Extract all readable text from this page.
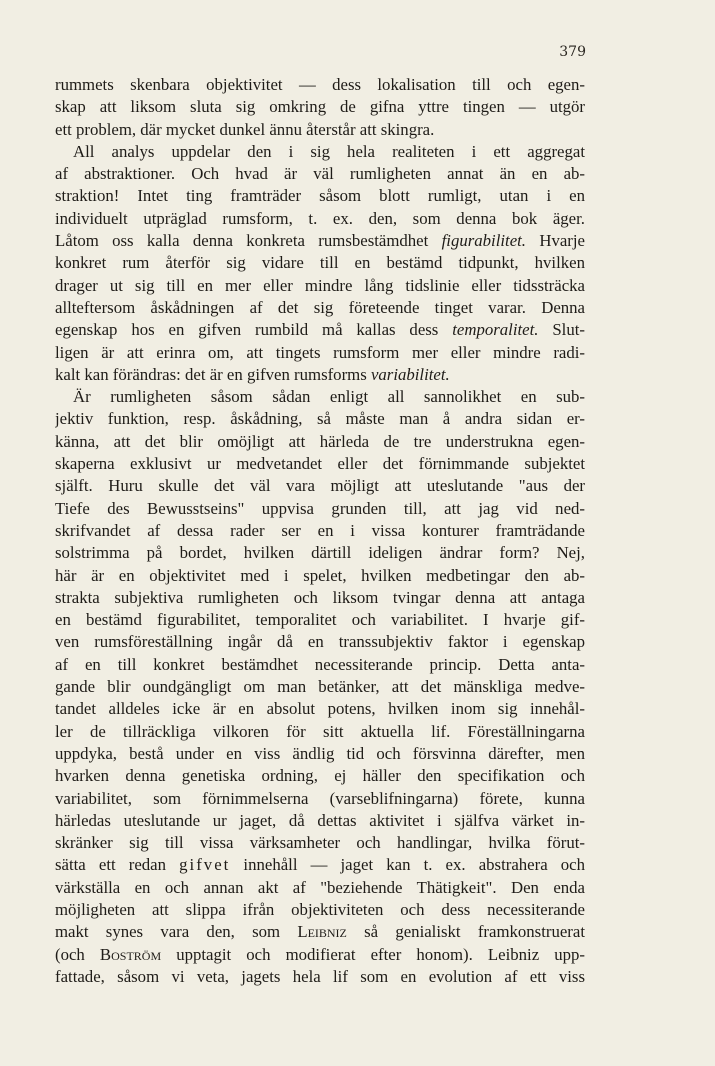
379
rummets skenbara objektivitet — dess lokalisation till och egen-
skap att liksom sluta sig omkring de gifna yttre tingen — utgör
ett problem, där mycket dunkel ännu återstår att skingra.
All analys uppdelar den i sig hela realiteten i ett aggregat
af abstraktioner. Och hvad är väl rumligheten annat än en ab-
straktion! Intet ting framträder såsom blott rumligt, utan i en
individuelt utpräglad rumsform, t. ex. den, som denna bok äger.
Låtom oss kalla denna konkreta rumsbestämdhet figurabilitet. Hvarje
konkret rum återför sig vidare till en bestämd tidpunkt, hvilken
drager ut sig till en mer eller mindre lång tidslinie eller tidssträcka
allteftersom åskådningen af det sig företeende tinget varar. Denna
egenskap hos en gifven rumbild må kallas dess temporalitet. Slut-
ligen är att erinra om, att tingets rumsform mer eller mindre radi-
kalt kan förändras: det är en gifven rumsforms variabilitet.
Är rumligheten såsom sådan enligt all sannolikhet en sub-
jektiv funktion, resp. åskådning, så måste man å andra sidan er-
känna, att det blir omöjligt att härleda de tre understrukna egen-
skaperna exklusivt ur medvetandet eller det förnimmande subjektet
själft. Huru skulle det väl vara möjligt att uteslutande "aus der
Tiefe des Bewusstseins" uppvisa grunden till, att jag vid ned-
skrifvandet af dessa rader ser en i vissa konturer framträdande
solstrimma på bordet, hvilken därtill ideligen ändrar form? Nej,
här är en objektivitet med i spelet, hvilken medbetingar den ab-
strakta subjektiva rumligheten och liksom tvingar denna att antaga
en bestämd figurabilitet, temporalitet och variabilitet. I hvarje gif-
ven rumsföreställning ingår då en transsubjektiv faktor i egenskap
af en till konkret bestämdhet necessiterande princip. Detta anta-
gande blir oundgängligt om man betänker, att det mänskliga medve-
tandet alldeles icke är en absolut potens, hvilken inom sig innehål-
ler de tillräckliga vilkoren för sitt aktuella lif. Föreställningarna
uppdyka, bestå under en viss ändlig tid och försvinna därefter, men
hvarken denna genetiska ordning, ej häller den specifikation och
variabilitet, som förnimmelserna (varseblifningarna) förete, kunna
härledas uteslutande ur jaget, då dettas aktivitet i själfva värket in-
skränker sig till vissa värksamheter och handlingar, hvilka förut-
sätta ett redan gifvet innehåll — jaget kan t. ex. abstrahera och
värkställa en och annan akt af "beziehende Thätigkeit". Den enda
möjligheten att slippa ifrån objektiviteten och dess necessiterande
makt synes vara den, som Leibniz så genialiskt framkonstruerat
(och Boström upptagit och modifierat efter honom). Leibniz upp-
fattade, såsom vi veta, jagets hela lif som en evolution af ett viss
